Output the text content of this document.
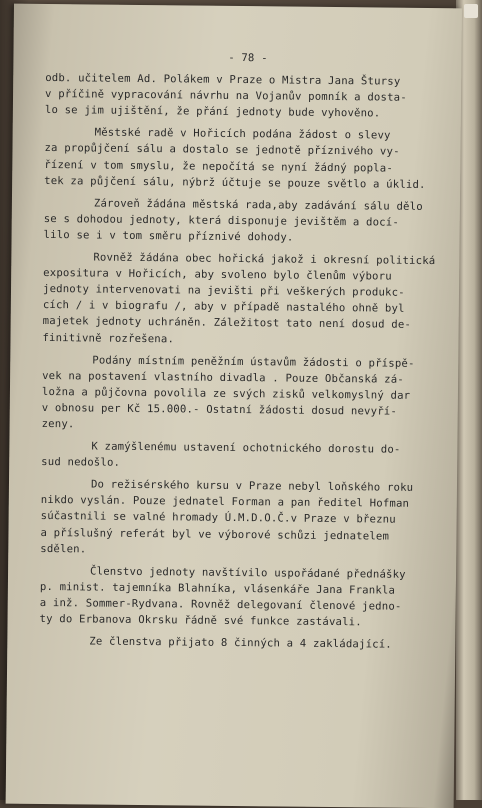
- 78 -
odb. učitelem Ad. Polákem v Praze o Mistra Jana Štursy
v příčině vypracování návrhu na Vojanův pomník a dosta-
lo se jim ujištění, že přání jednoty bude vyhověno.
Městské radě v Hořicích podána žádost o slevy
za propůjčení sálu a dostalo se jednotě příznivého vy-
řízení v tom smyslu, že nepočítá se nyní žádný popla-
tek za půjčení sálu, nýbrž účtuje se pouze světlo a úklid.
Zároveň žádána městská rada,aby zadávání sálu dělo
se s dohodou jednoty, která disponuje jevištěm a docí-
lilo se i v tom směru příznivé dohody.
Rovněž žádána obec hořická jakož i okresní politická
expositura v Hořicích, aby svoleno bylo členům výboru
jednoty intervenovati na jevišti při veškerých produkc-
cích / i v biografu /, aby v případě nastalého ohně byl
majetek jednoty uchráněn. Záležitost tato není dosud de-
finitivně rozřešena.
Podány místním peněžním ústavům žádosti o příspě-
vek na postavení vlastního divadla . Pouze Občanská zá-
ložna a půjčovna povolila ze svých zisků velkomyslný dar
v obnosu per Kč 15.000.- Ostatní žádosti dosud nevyří-
zeny.
K zamýšlenému ustavení ochotnického dorostu do-
sud nedošlo.
Do režisérského kursu v Praze nebyl loňského roku
nikdo vyslán. Pouze jednatel Forman a pan ředitel Hofman
súčastnili se valné hromady Ú.M.D.O.Č.v Praze v březnu
a příslušný referát byl ve výborové schůzi jednatelem
sdělen.
Členstvo jednoty navštívilo uspořádané přednášky
p. minist. tajemníka Blahníka, vlásenkáře Jana Frankla
a inž. Sommer-Rydvana. Rovněž delegovaní členové jedno-
ty do Erbanova Okrsku řádně své funkce zastávali.
Ze členstva přijato 8 činných a 4 zakládající.
